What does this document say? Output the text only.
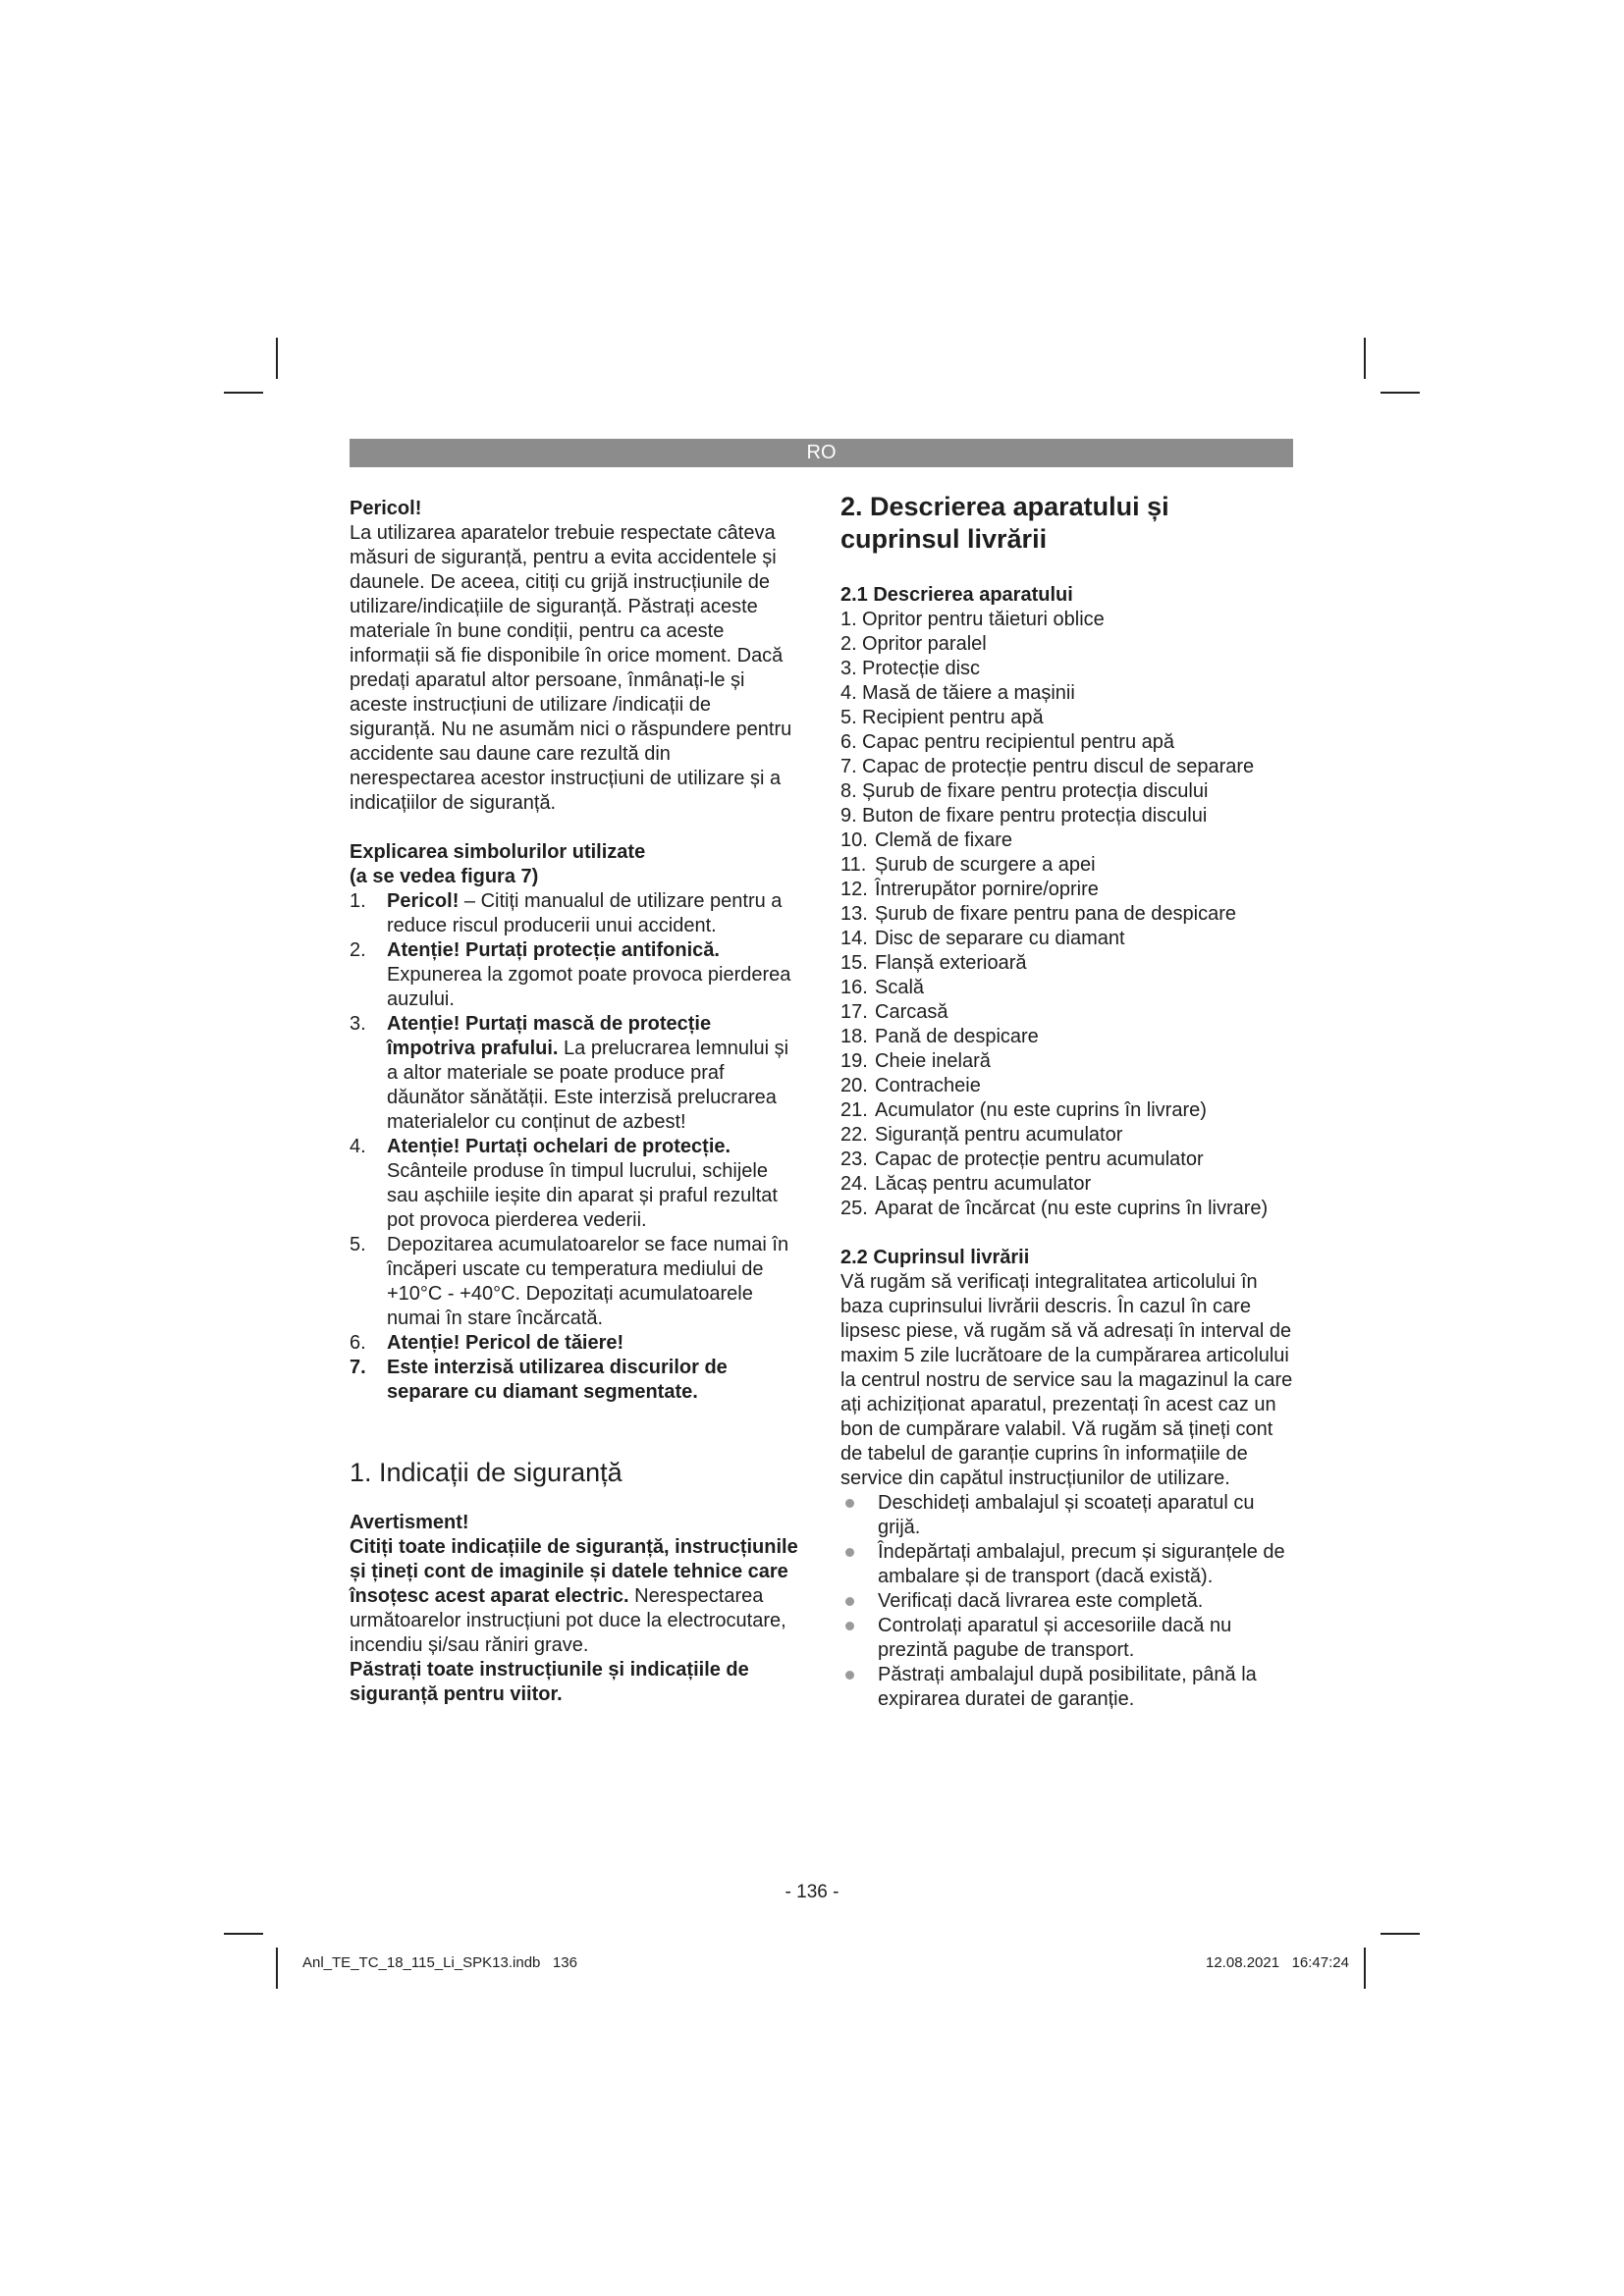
RO

Pericol!

La utilizarea aparatelor trebuie respectate câteva măsuri de siguranță, pentru a evita accidentele și daunele. De aceea, citiți cu grijă instrucțiunile de utilizare/indicațiile de siguranță. Păstrați aceste materiale în bune condiții, pentru ca aceste informații să fie disponibile în orice moment. Dacă predați aparatul altor persoane, înmânați-le și aceste instrucțiuni de utilizare /indicații de siguranță. Nu ne asumăm nici o răspundere pentru accidente sau daune care rezultă din nerespectarea acestor instrucțiuni de utilizare și a indicațiilor de siguranță.

Explicarea simbolurilor utilizate

(a se vedea figura 7)

1. Pericol! – Citiți manualul de utilizare pentru a reduce riscul producerii unui accident.
2. Atenție! Purtați protecție antifonică. Expunerea la zgomot poate provoca pierderea auzului.
3. Atenție! Purtați mască de protecție împotriva prafului. La prelucrarea lemnului și a altor materiale se poate produce praf dăunător sănătății. Este interzisă prelucrarea materialelor cu conținut de azbest!
4. Atenție! Purtați ochelari de protecție. Scânteile produse în timpul lucrului, schijele sau așchiile ieșite din aparat și praful rezultat pot provoca pierderea vederii.
5. Depozitarea acumulatoarelor se face numai în încăperi uscate cu temperatura mediului de +10°C - +40°C. Depozitați acumulatoarele numai în stare încărcată.
6. Atenție! Pericol de tăiere!
7. Este interzisă utilizarea discurilor de separare cu diamant segmentate.
1. Indicații de siguranță

Avertisment!

Citiți toate indicațiile de siguranță, instrucțiunile și țineți cont de imaginile și datele tehnice care însoțesc acest aparat electric. Nerespectarea următoarelor instrucțiuni pot duce la electrocutare, incendiu și/sau răniri grave.

Păstrați toate instrucțiunile și indicațiile de siguranță pentru viitor.

2. Descrierea aparatului și cuprinsul livrării

2.1 Descrierea aparatului

1. Opritor pentru tăieturi oblice
2. Opritor paralel
3. Protecție disc
4. Masă de tăiere a mașinii
5. Recipient pentru apă
6. Capac pentru recipientul pentru apă
7. Capac de protecție pentru discul de separare
8. Șurub de fixare pentru protecția discului
9. Buton de fixare pentru protecția discului
10. Clemă de fixare
11. Șurub de scurgere a apei
12. Întrerupător pornire/oprire
13. Șurub de fixare pentru pana de despicare
14. Disc de separare cu diamant
15. Flanșă exterioară
16. Scală
17. Carcasă
18. Pană de despicare
19. Cheie inelară
20. Contracheie
21. Acumulator (nu este cuprins în livrare)
22. Siguranță pentru acumulator
23. Capac de protecție pentru acumulator
24. Lăcaș pentru acumulator
25. Aparat de încărcat (nu este cuprins în livrare)

2.2 Cuprinsul livrării

Vă rugăm să verificați integralitatea articolului în baza cuprinsului livrării descris. În cazul în care lipsesc piese, vă rugăm să vă adresați în interval de maxim 5 zile lucrătoare de la cumpărarea articolului la centrul nostru de service sau la magazinul la care ați achiziționat aparatul, prezentați în acest caz un bon de cumpărare valabil. Vă rugăm să țineți cont de tabelul de garanție cuprins în informațiile de service din capătul instrucțiunilor de utilizare.

Deschideți ambalajul și scoateți aparatul cu grijă.
Îndepărtați ambalajul, precum și siguranțele de ambalare și de transport (dacă există).
Verificați dacă livrarea este completă.
Controlați aparatul și accesoriile dacă nu prezintă pagube de transport.
Păstrați ambalajul după posibilitate, până la expirarea duratei de garanție.
- 136 -
Anl_TE_TC_18_115_Li_SPK13.indb   136	12.08.2021   16:47:24
